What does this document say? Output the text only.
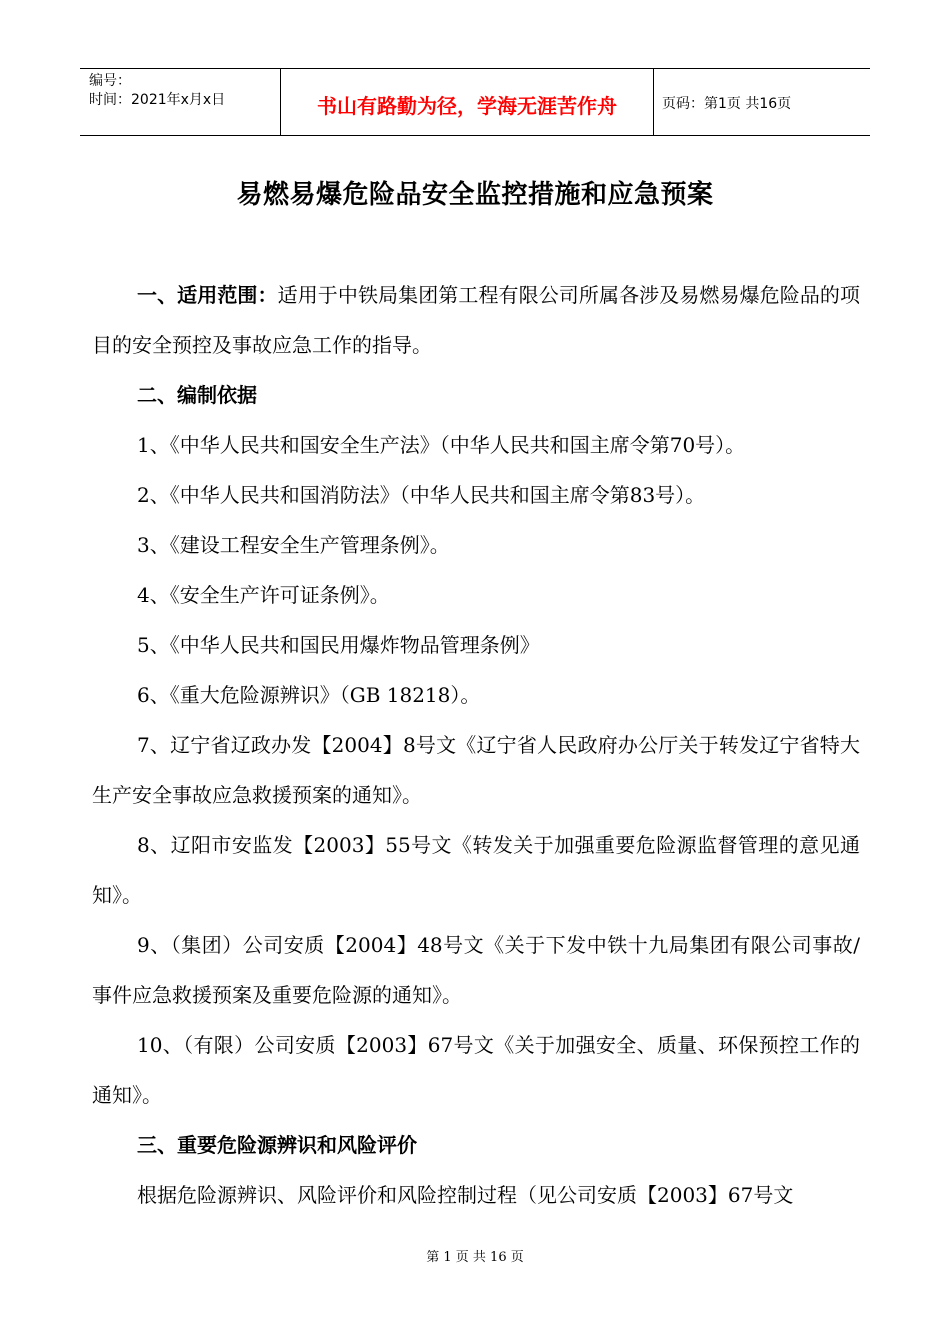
编号：
时间：2021年x月x日	书山有路勤为径，学海无涯苦作舟	页码：第1页 共16页
易燃易爆危险品安全监控措施和应急预案

一、适用范围：适用于中铁局集团第工程有限公司所属各涉及易燃易爆危险品的项目的安全预控及事故应急工作的指导。

二、编制依据

1、《中华人民共和国安全生产法》（中华人民共和国主席令第70号）。

2、《中华人民共和国消防法》（中华人民共和国主席令第83号）。

3、《建设工程安全生产管理条例》。

4、《安全生产许可证条例》。

5、《中华人民共和国民用爆炸物品管理条例》

6、《重大危险源辨识》（GB 18218）。

7、辽宁省辽政办发【2004】8号文《辽宁省人民政府办公厅关于转发辽宁省特大生产安全事故应急救援预案的通知》。

8、辽阳市安监发【2003】55号文《转发关于加强重要危险源监督管理的意见通知》。

9、（集团）公司安质【2004】48号文《关于下发中铁十九局集团有限公司事故/事件应急救援预案及重要危险源的通知》。

10、（有限）公司安质【2003】67号文《关于加强安全、质量、环保预控工作的通知》。

三、重要危险源辨识和风险评价

根据危险源辨识、风险评价和风险控制过程（见公司安质【2003】67号文

第 1 页 共 16 页
